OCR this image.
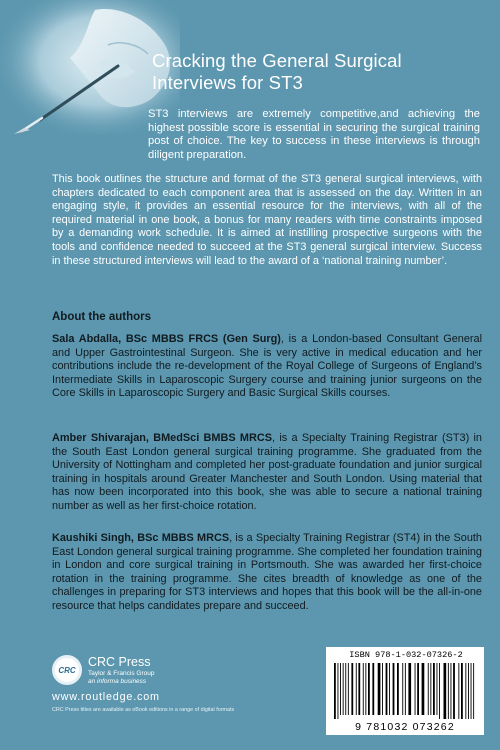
Cracking the General Surgical
Interviews for ST3

ST3 interviews are extremely competitive,and achieving the highest possible score is essential in securing the surgical training post of choice. The key to success in these interviews is through diligent preparation.

This book outlines the structure and format of the ST3 general surgical interviews, with chapters dedicated to each component area that is assessed on the day. Written in an engaging style, it provides an essential resource for the interviews, with all of the required material in one book, a bonus for many readers with time constraints imposed by a demanding work schedule. It is aimed at instilling prospective surgeons with the tools and confidence needed to succeed at the ST3 general surgical interview. Success in these structured interviews will lead to the award of a ‘national training number’.

About the authors

Sala Abdalla, BSc MBBS FRCS (Gen Surg), is a London-based Consultant General and Upper Gastrointestinal Surgeon. She is very active in medical education and her contributions include the re-development of the Royal College of Surgeons of England’s Intermediate Skills in Laparoscopic Surgery course and training junior surgeons on the Core Skills in Laparoscopic Surgery and Basic Surgical Skills courses.

Amber Shivarajan, BMedSci BMBS MRCS, is a Specialty Training Registrar (ST3) in the South East London general surgical training programme. She graduated from the University of Nottingham and completed her post-graduate foundation and junior surgical training in hospitals around Greater Manchester and South London. Using material that has now been incorporated into this book, she was able to secure a national training number as well as her first-choice rotation.

Kaushiki Singh, BSc MBBS MRCS, is a Specialty Training Registrar (ST4) in the South East London general surgical training programme. She completed her foundation training in London and core surgical training in Portsmouth. She was awarded her first-choice rotation in the training programme. She cites breadth of knowledge as one of the challenges in preparing for ST3 interviews and hopes that this book will be the all-in-one resource that helps candidates prepare and succeed.

CRC
CRC Press
Taylor & Francis Group
an informa business
www.routledge.com
CRC Press titles are available as eBook editions in a range of digital formats
ISBN 978-1-032-07326-2
9 781032 073262
